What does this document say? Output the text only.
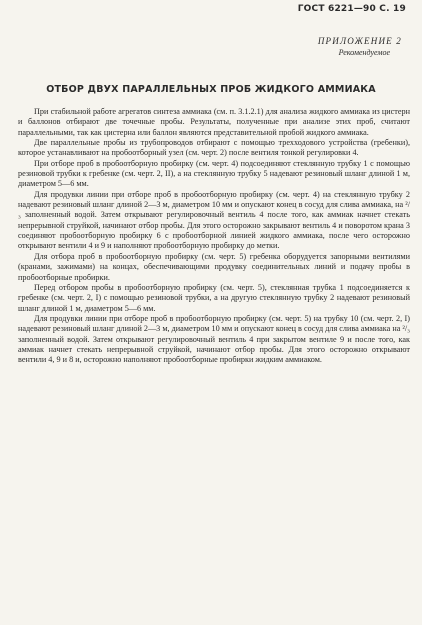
ГОСТ 6221—90 С. 19
ПРИЛОЖЕНИЕ 2
Рекомендуемое
ОТБОР ДВУХ ПАРАЛЛЕЛЬНЫХ ПРОБ ЖИДКОГО АММИАКА

При стабильной работе агрегатов синтеза аммиака (см. п. 3.1.2.1) для анализа жидкого аммиака из цистерн и баллонов отбирают две точечные пробы. Результаты, полученные при анализе этих проб, считают параллельными, так как цистерна или баллон являются представительной пробой жидкого аммиака.

Две параллельные пробы из трубопроводов отбирают с помощью трехходового устройства (гребенки), которое устанавливают на пробоотборный узел (см. черт. 2) после вентиля тонкой регулировки 4.

При отборе проб в пробоотборную пробирку (см. черт. 4) подсоединяют стеклянную трубку 1 с помощью резиновой трубки к гребенке (см. черт. 2, II), а на стеклянную трубку 5 надевают резиновый шланг длиной 1 м, диаметром 5—6 мм.

Для продувки линии при отборе проб в пробоотборную пробирку (см. черт. 4) на стеклянную трубку 2 надевают резиновый шланг длиной 2—3 м, диаметром 10 мм и опускают конец в сосуд для слива аммиака, на ²/₃ заполненный водой. Затем открывают регулировочный вентиль 4 после того, как аммиак начнет стекать непрерывной струйкой, начинают отбор пробы. Для этого осторожно закрывают вентиль 4 и поворотом крана 3 соединяют пробоотборную пробирку 6 с пробоотборной линией жидкого аммиака, после чего осторожно открывают вентили 4 и 9 и наполняют пробоотборную пробирку до метки.

Для отбора проб в пробоотборную пробирку (см. черт. 5) гребенка оборудуется запорными вентилями (кранами, зажимами) на концах, обеспечивающими продувку соединительных линий и подачу пробы в пробоотборные пробирки.

Перед отбором пробы в пробоотборную пробирку (см. черт. 5), стеклянная трубка 1 подсоединяется к гребенке (см. черт. 2, I) с помощью резиновой трубки, а на другую стеклянную трубку 2 надевают резиновый шланг длиной 1 м, диаметром 5—6 мм.

Для продувки линии при отборе проб в пробоотборную пробирку (см. черт. 5) на трубку 10 (см. черт. 2, I) надевают резиновый шланг длиной 2—3 м, диаметром 10 мм и опускают конец в сосуд для слива аммиака на ²/₃ заполненный водой. Затем открывают регулировочный вентиль 4 при закрытом вентиле 9 и после того, как аммиак начнет стекать непрерывной струйкой, начинают отбор пробы. Для этого осторожно открывают вентили 4, 9 и 8 и, осторожно наполняют пробоотборные пробирки жидким аммиаком.
